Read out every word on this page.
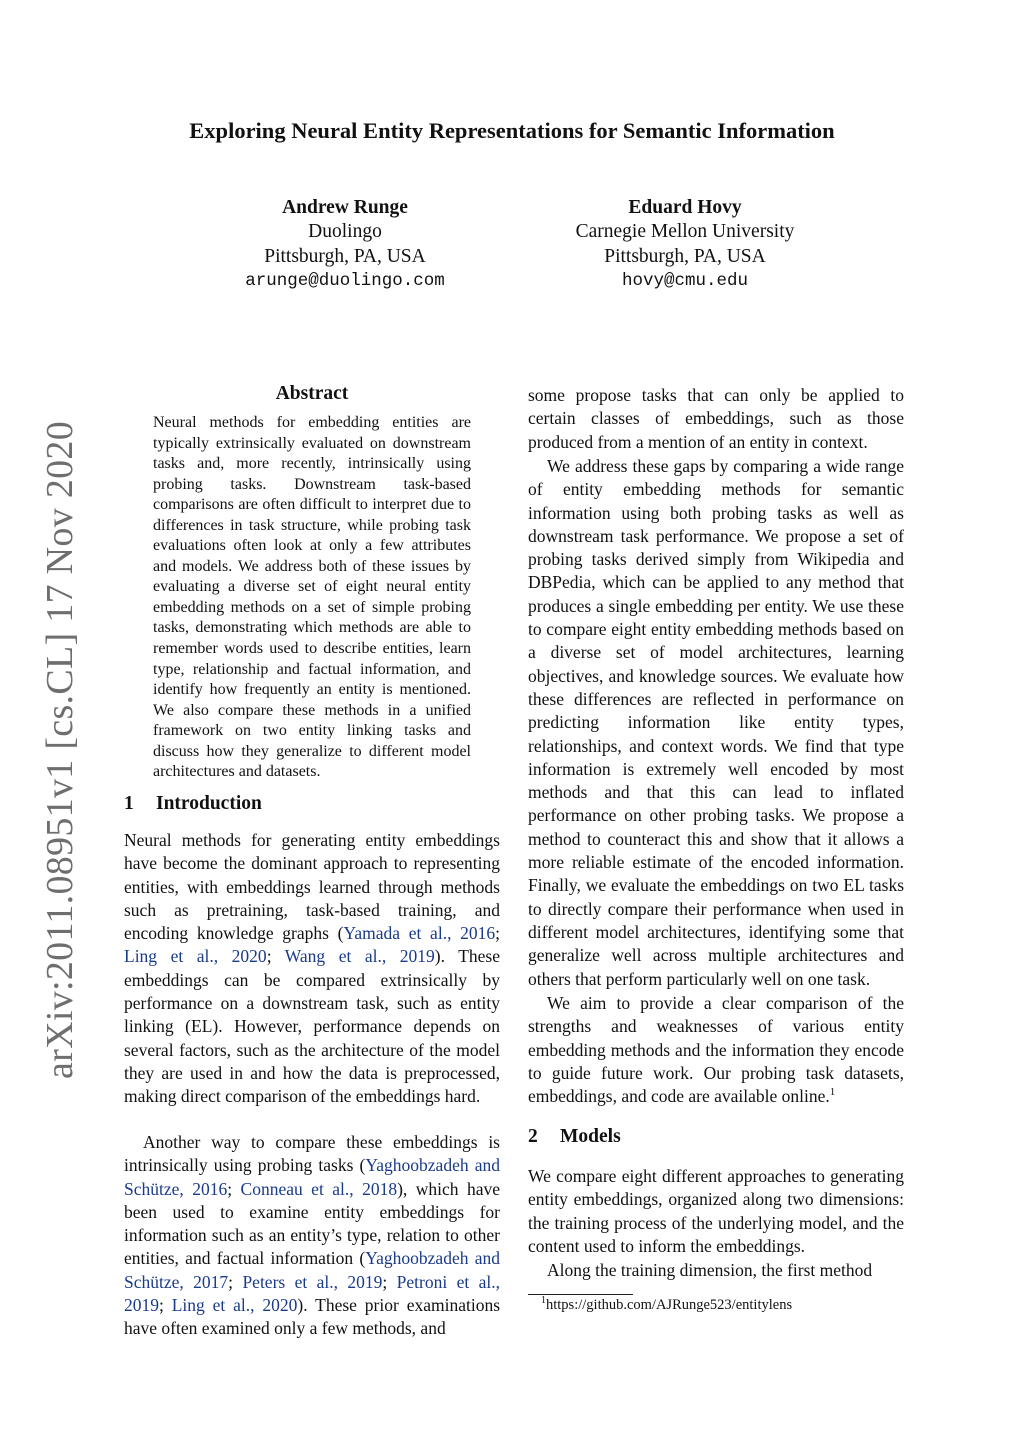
arXiv:2011.08951v1 [cs.CL] 17 Nov 2020
Exploring Neural Entity Representations for Semantic Information
Andrew Runge
Duolingo
Pittsburgh, PA, USA
arunge@duolingo.com
Eduard Hovy
Carnegie Mellon University
Pittsburgh, PA, USA
hovy@cmu.edu
Abstract

Neural methods for embedding entities are typically extrinsically evaluated on downstream tasks and, more recently, intrinsically using probing tasks. Downstream task-based comparisons are often difficult to interpret due to differences in task structure, while probing task evaluations often look at only a few attributes and models. We address both of these issues by evaluating a diverse set of eight neural entity embedding methods on a set of simple probing tasks, demonstrating which methods are able to remember words used to describe entities, learn type, relationship and factual information, and identify how frequently an entity is mentioned. We also compare these methods in a unified framework on two entity linking tasks and discuss how they generalize to different model architectures and datasets.

1 Introduction

Neural methods for generating entity embeddings have become the dominant approach to representing entities, with embeddings learned through methods such as pretraining, task-based training, and encoding knowledge graphs (Yamada et al., 2016; Ling et al., 2020; Wang et al., 2019). These embeddings can be compared extrinsically by performance on a downstream task, such as entity linking (EL). However, performance depends on several factors, such as the architecture of the model they are used in and how the data is preprocessed, making direct comparison of the embeddings hard.

Another way to compare these embeddings is intrinsically using probing tasks (Yaghoobzadeh and Schütze, 2016; Conneau et al., 2018), which have been used to examine entity embeddings for information such as an entity’s type, relation to other entities, and factual information (Yaghoobzadeh and Schütze, 2017; Peters et al., 2019; Petroni et al., 2019; Ling et al., 2020). These prior examinations have often examined only a few methods, and

some propose tasks that can only be applied to certain classes of embeddings, such as those produced from a mention of an entity in context.

We address these gaps by comparing a wide range of entity embedding methods for semantic information using both probing tasks as well as downstream task performance. We propose a set of probing tasks derived simply from Wikipedia and DBPedia, which can be applied to any method that produces a single embedding per entity. We use these to compare eight entity embedding methods based on a diverse set of model architectures, learning objectives, and knowledge sources. We evaluate how these differences are reflected in performance on predicting information like entity types, relationships, and context words. We find that type information is extremely well encoded by most methods and that this can lead to inflated performance on other probing tasks. We propose a method to counteract this and show that it allows a more reliable estimate of the encoded information. Finally, we evaluate the embeddings on two EL tasks to directly compare their performance when used in different model architectures, identifying some that generalize well across multiple architectures and others that perform particularly well on one task.

We aim to provide a clear comparison of the strengths and weaknesses of various entity embedding methods and the information they encode to guide future work. Our probing task datasets, embeddings, and code are available online.$^1$

2 Models

We compare eight different approaches to generating entity embeddings, organized along two dimensions: the training process of the underlying model, and the content used to inform the embeddings.

Along the training dimension, the first method

$^1$https://github.com/AJRunge523/entitylens
